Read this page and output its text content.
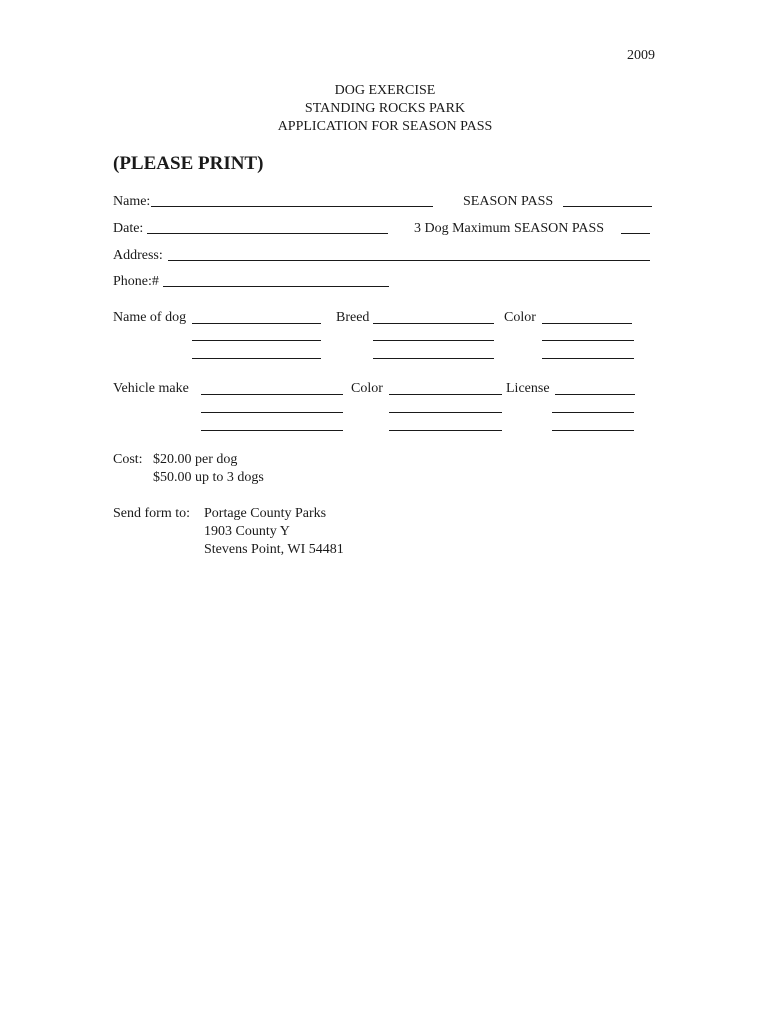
2009
DOG EXERCISE
STANDING ROCKS PARK
APPLICATION FOR SEASON PASS
(PLEASE PRINT)
Name:	SEASON PASS
Date:	3 Dog Maximum SEASON PASS
Address:
Phone:#
Name of dog	Breed	Color
Vehicle make	Color	License
Cost: $20.00 per dog
$50.00 up to 3 dogs
Send form to: Portage County Parks
1903 County Y
Stevens Point, WI 54481
